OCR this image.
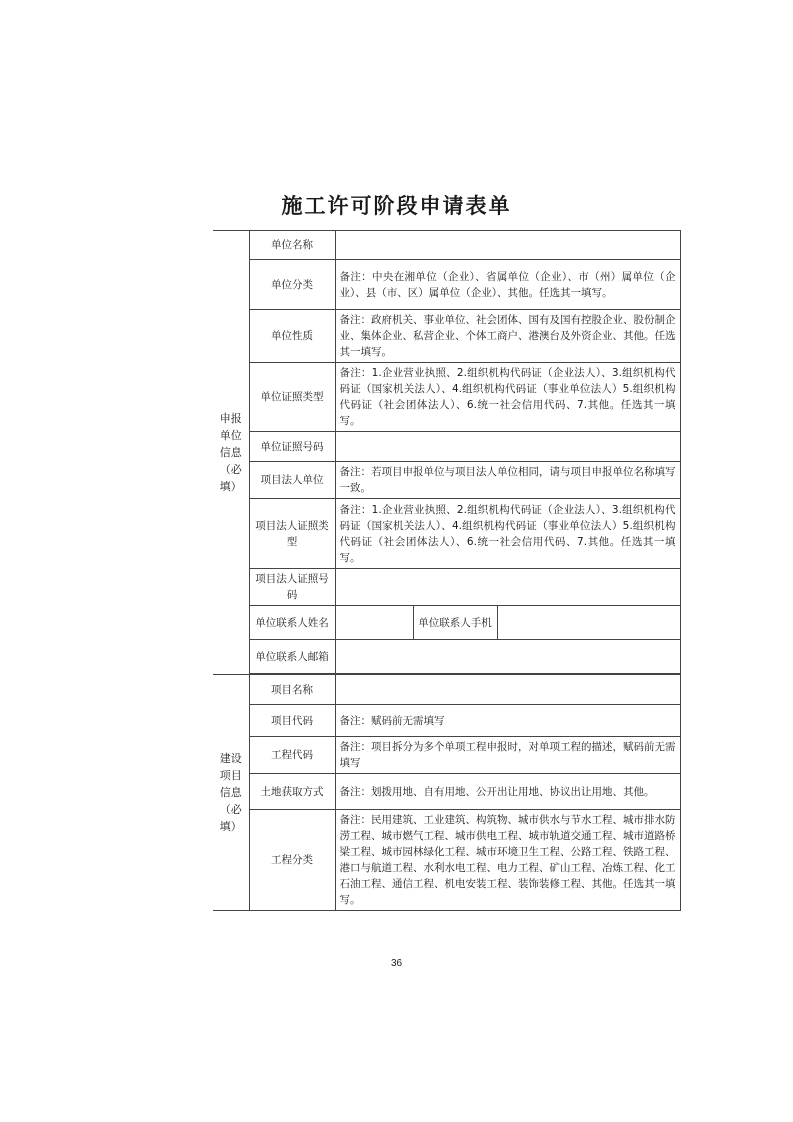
施工许可阶段申请表单
申报单位信息（必填）	单位名称			
	单位分类	备注：中央在湘单位（企业）、省属单位（企业）、市（州）属单位（企业）、县（市、区）属单位（企业）、其他。任选其一填写。		
	单位性质	备注：政府机关、事业单位、社会团体、国有及国有控股企业、股份制企业、集体企业、私营企业、个体工商户、港澳台及外资企业、其他。任选其一填写。		
	单位证照类型	备注：1.企业营业执照、2.组织机构代码证（企业法人）、3.组织机构代码证（国家机关法人）、4.组织机构代码证（事业单位法人）5.组织机构代码证（社会团体法人）、6.统一社会信用代码、7.其他。任选其一填写。		
	单位证照号码			
	项目法人单位	备注：若项目申报单位与项目法人单位相同，请与项目申报单位名称填写一致。		
	项目法人证照类型	备注：1.企业营业执照、2.组织机构代码证（企业法人）、3.组织机构代码证（国家机关法人）、4.组织机构代码证（事业单位法人）5.组织机构代码证（社会团体法人）、6.统一社会信用代码、7.其他。任选其一填写。		
	项目法人证照号码			
	单位联系人姓名		单位联系人手机	
	单位联系人邮箱			

建设项目信息（必填）	项目名称			
	项目代码	备注：赋码前无需填写		
	工程代码	备注：项目拆分为多个单项工程申报时，对单项工程的描述，赋码前无需填写		
	土地获取方式	备注：划拨用地、自有用地、公开出让用地、协议出让用地、其他。		
	工程分类	备注：民用建筑、工业建筑、构筑物、城市供水与节水工程、城市排水防涝工程、城市燃气工程、城市供电工程、城市轨道交通工程、城市道路桥梁工程、城市园林绿化工程、城市环境卫生工程、公路工程、铁路工程、港口与航道工程、水利水电工程、电力工程、矿山工程、冶炼工程、化工石油工程、通信工程、机电安装工程、装饰装修工程、其他。任选其一填写。		
36
